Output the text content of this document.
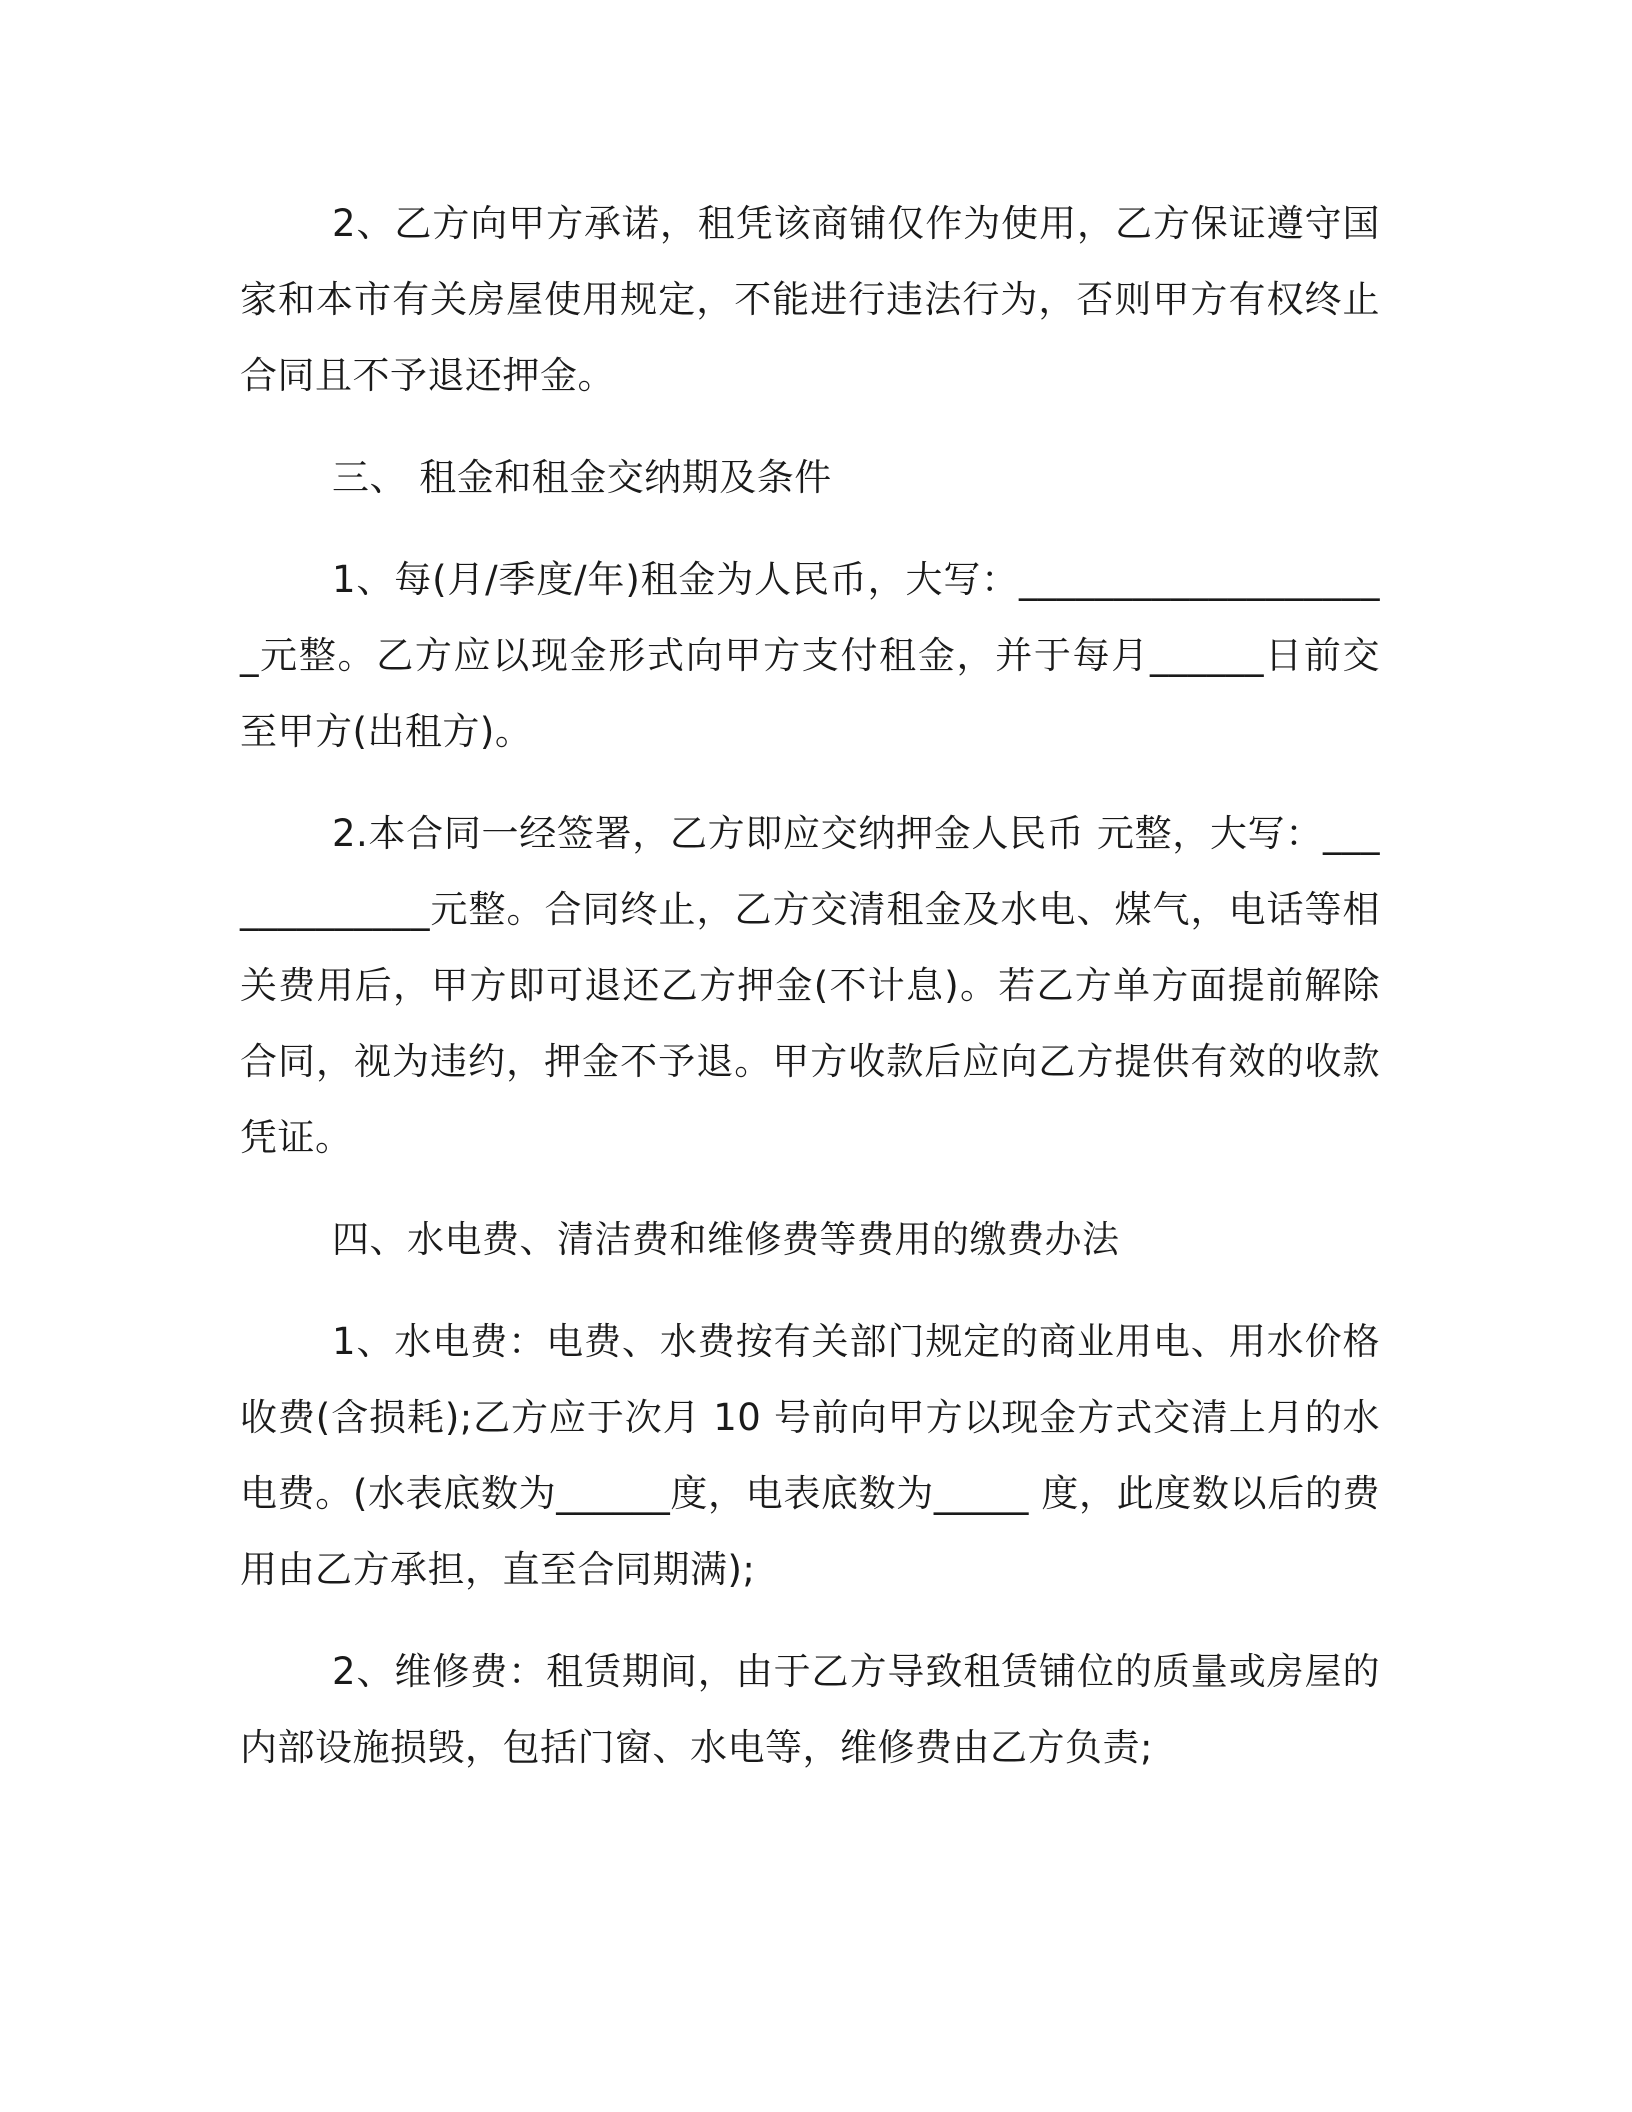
2、乙方向甲方承诺，租凭该商铺仅作为使用，乙方保证遵守国家和本市有关房屋使用规定，不能进行违法行为，否则甲方有权终止合同且不予退还押金。

三、 租金和租金交纳期及条件

1、每(月/季度/年)租金为人民币，大写：____________________元整。乙方应以现金形式向甲方支付租金，并于每月______日前交至甲方(出租方)。

2.本合同一经签署，乙方即应交纳押金人民币 元整，大写：_____________元整。合同终止，乙方交清租金及水电、煤气，电话等相关费用后，甲方即可退还乙方押金(不计息)。若乙方单方面提前解除合同，视为违约，押金不予退。甲方收款后应向乙方提供有效的收款凭证。

四、水电费、清洁费和维修费等费用的缴费办法

1、水电费：电费、水费按有关部门规定的商业用电、用水价格收费(含损耗);乙方应于次月 10 号前向甲方以现金方式交清上月的水电费。(水表底数为______度，电表底数为_____ 度，此度数以后的费用由乙方承担，直至合同期满);

2、维修费：租赁期间，由于乙方导致租赁铺位的质量或房屋的内部设施损毁，包括门窗、水电等，维修费由乙方负责;
